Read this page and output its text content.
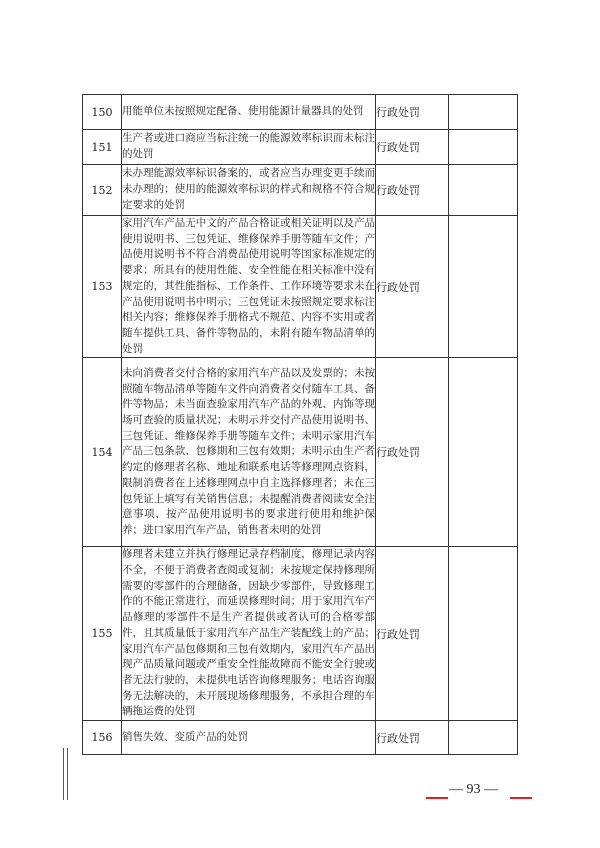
150	用能单位未按照规定配备、使用能源计量器具的处罚	行政处罚	
151	生产者或进口商应当标注统一的能源效率标识而未标注的处罚	行政处罚	
152	未办理能源效率标识备案的，或者应当办理变更手续而未办理的；使用的能源效率标识的样式和规格不符合规定要求的处罚	行政处罚	
153	家用汽车产品无中文的产品合格证或相关证明以及产品使用说明书、三包凭证、维修保养手册等随车文件；产品使用说明书不符合消费品使用说明等国家标准规定的要求；所具有的使用性能、安全性能在相关标准中没有规定的，其性能指标、工作条件、工作环境等要求未在产品使用说明书中明示；三包凭证未按照规定要求标注相关内容；维修保养手册格式不规范、内容不实用或者随车提供工具、备件等物品的，未附有随车物品清单的处罚	行政处罚	
154	未向消费者交付合格的家用汽车产品以及发票的；未按照随车物品清单等随车文件向消费者交付随车工具、备件等物品；未当面查验家用汽车产品的外观、内饰等现场可查验的质量状况；未明示并交付产品使用说明书、三包凭证、维修保养手册等随车文件；未明示家用汽车产品三包条款、包修期和三包有效期；未明示由生产者约定的修理者名称、地址和联系电话等修理网点资料，限制消费者在上述修理网点中自主选择修理者；未在三包凭证上填写有关销售信息；未提醒消费者阅读安全注意事项、按产品使用说明书的要求进行使用和维护保养；进口家用汽车产品，销售者未明的处罚	行政处罚	
155	修理者未建立并执行修理记录存档制度，修理记录内容不全，不便于消费者查阅或复制；未按规定保持修理所需要的零部件的合理储备，因缺少零部件，导致修理工作的不能正常进行，而延误修理时间；用于家用汽车产品修理的零部件不是生产者提供或者认可的合格零部件，且其质量低于家用汽车产品生产装配线上的产品；家用汽车产品包修期和三包有效期内，家用汽车产品出现产品质量问题或严重安全性能故障而不能安全行驶或者无法行驶的，未提供电话咨询修理服务；电话咨询服务无法解决的，未开展现场修理服务，不承担合理的车辆拖运费的处罚	行政处罚	
156	销售失效、变质产品的处罚	行政处罚	
— 93 —
